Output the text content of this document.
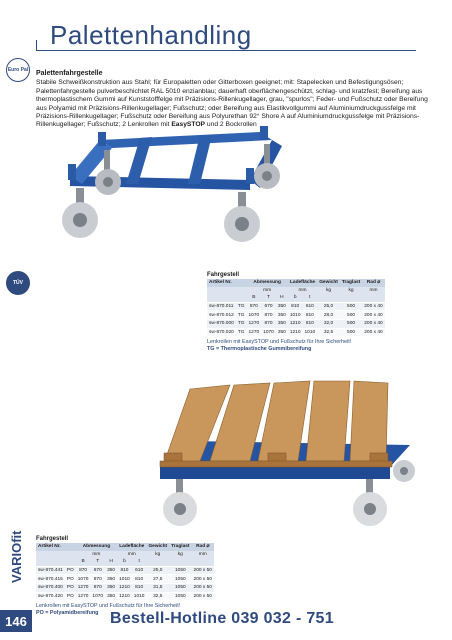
Palettenhandling
Euro Pal
TÜV
Palettenfahrgestelle

Stabile Schweißkonstruktion aus Stahl; für Europaletten oder Gitterboxen geeignet; mit: Stapelecken und Befestigungsösen; Palettenfahrgestelle pulverbeschichtet RAL 5010 enzianblau; dauerhaft oberflächengeschützt, schlag- und kratzfest; Bereifung aus thermoplastischem Gummi auf Kunststofffelge mit Präzisions-Rillenkugellager, grau, "spurlos"; Feder- und Fußschutz oder Bereifung aus Polyamid mit Präzisions-Rillenkugellager; Fußschutz; oder Bereifung aus Elastikvollgummi auf Aluminiumdruckgussfelge mit Präzisions-Rillenkugellager; Fußschutz oder Bereifung aus Polyurethan 92° Shore A auf Aluminiumdruckgussfelge mit Präzisions-Rillenkugellager; Fußschutz; 2 Lenkrollen mit EasySTOP und 2 Bockrollen

Fahrgestell
Artikel Nr.		Abmessung			Ladefläche		Gewicht	Traglast	Rad ⌀
		mm			mm		kg	kg	mm
		B	T	H	b	t			
sw-870.011	TG	870	670	350	810	610	25,0	500	200 x 40
sw-870.012	TG	1070	870	350	1010	810	28,0	500	200 x 40
sw-870.000	TG	1270	870	350	1210	810	32,0	500	200 x 40
sw-870.020	TG	1270	1070	350	1210	1010	32,5	500	200 x 40
Lenkrollen mit EasySTOP und Fußschutz für Ihre Sicherheit!
TG = Thermoplastische Gummibereifung
Fahrgestell
Artikel Nr.		Abmessung			Ladefläche		Gewicht	Traglast	Rad ⌀
		mm			mm		kg	kg	mm
		B	T	H	b	t			
sw-870.441	PO	870	670	350	810	610	25,0	1050	200 x 50
sw-870.415	PO	1070	870	350	1010	810	27,5	1050	200 x 50
sw-870.400	PO	1270	870	350	1210	810	31,5	1050	200 x 50
sw-870.420	PO	1270	1070	350	1210	1010	32,5	1050	200 x 50
Lenkrollen mit EasySTOP und Fußschutz für Ihre Sicherheit!
PO = Polyamidbereifung
VARIOfit
146	Bestell-Hotline 039 032 - 751
